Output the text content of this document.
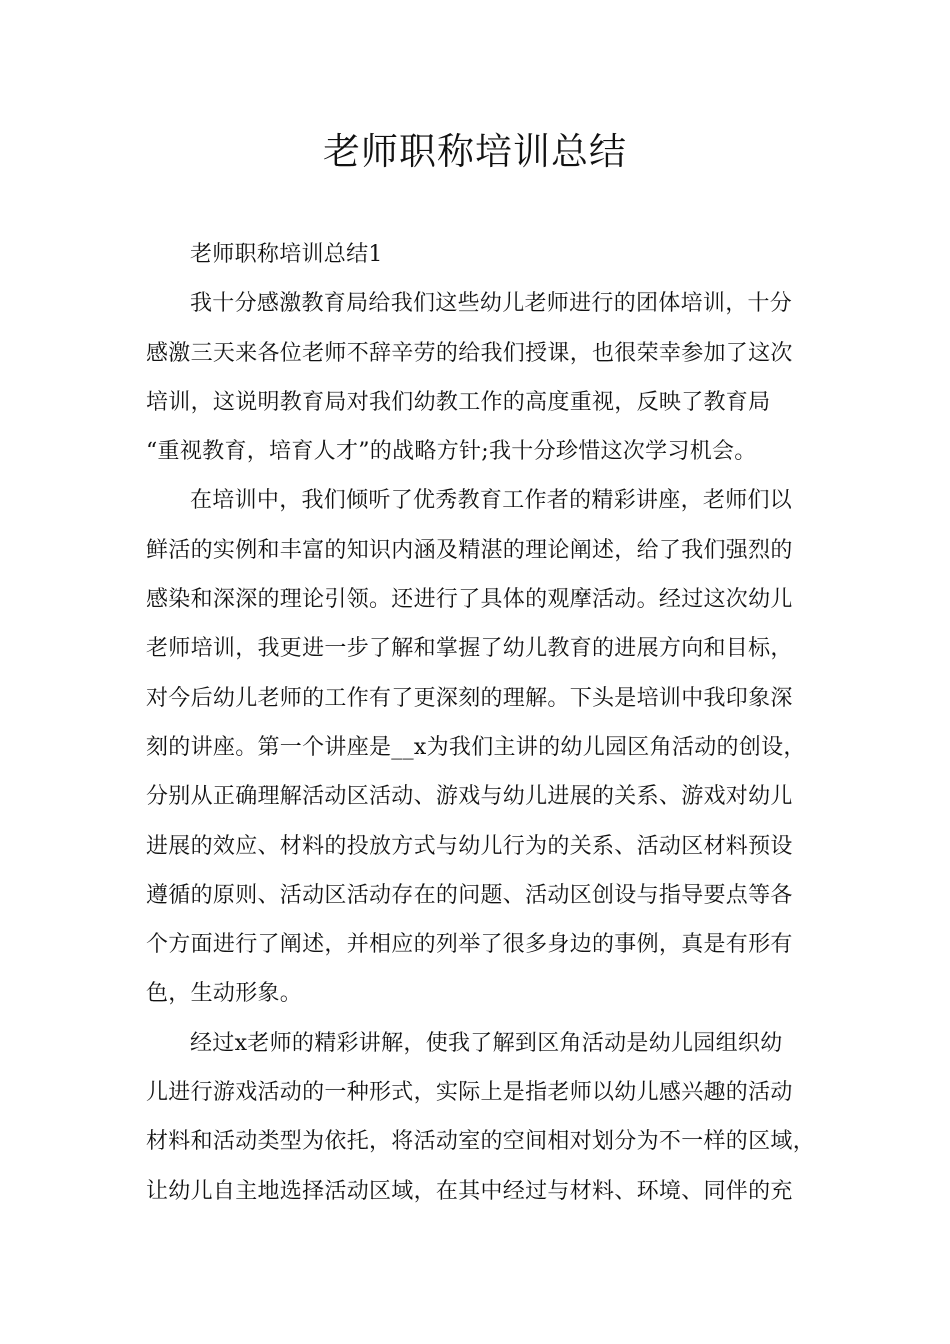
老师职称培训总结
老师职称培训总结1
我十分感激教育局给我们这些幼儿老师进行的团体培训，十分
感激三天来各位老师不辞辛劳的给我们授课，也很荣幸参加了这次
培训，这说明教育局对我们幼教工作的高度重视，反映了教育局
“重视教育，培育人才”的战略方针;我十分珍惜这次学习机会。
在培训中，我们倾听了优秀教育工作者的精彩讲座，老师们以
鲜活的实例和丰富的知识内涵及精湛的理论阐述，给了我们强烈的
感染和深深的理论引领。还进行了具体的观摩活动。经过这次幼儿
老师培训，我更进一步了解和掌握了幼儿教育的进展方向和目标，
对今后幼儿老师的工作有了更深刻的理解。下头是培训中我印象深
刻的讲座。第一个讲座是__x为我们主讲的幼儿园区角活动的创设，
分别从正确理解活动区活动、游戏与幼儿进展的关系、游戏对幼儿
进展的效应、材料的投放方式与幼儿行为的关系、活动区材料预设
遵循的原则、活动区活动存在的问题、活动区创设与指导要点等各
个方面进行了阐述，并相应的列举了很多身边的事例，真是有形有
色，生动形象。
经过x老师的精彩讲解，使我了解到区角活动是幼儿园组织幼
儿进行游戏活动的一种形式，实际上是指老师以幼儿感兴趣的活动
材料和活动类型为依托，将活动室的空间相对划分为不一样的区域，
让幼儿自主地选择活动区域，在其中经过与材料、环境、同伴的充
